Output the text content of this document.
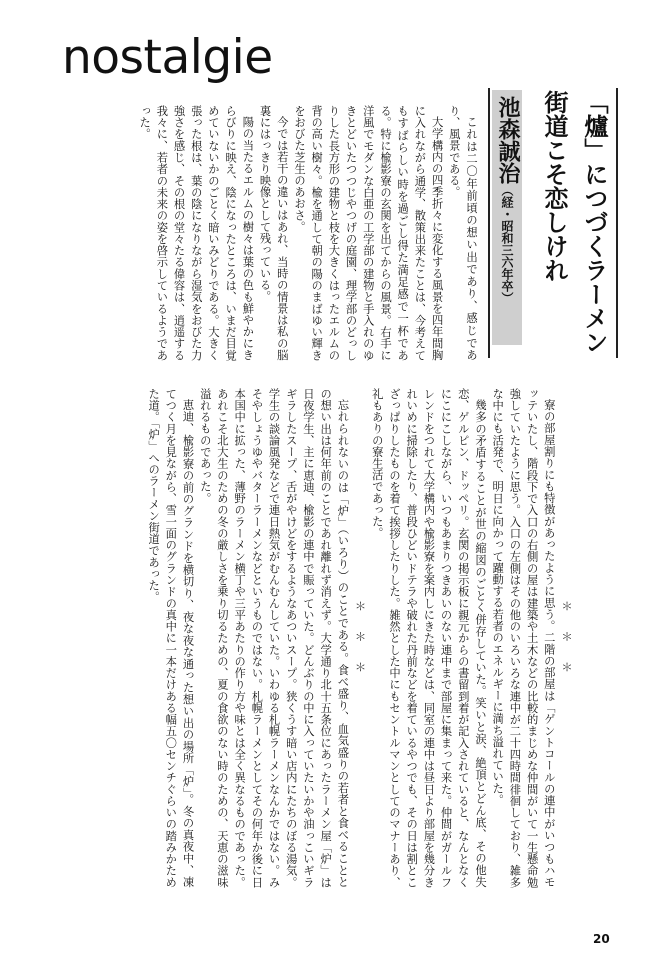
nostalgie
池森誠治（経・昭和三六年卒）	「爐」につづくラーメン街道こそ恋しけれ

これは二〇年前頃の想い出であり、感じであり、風景である。

大学構内の四季折々に変化する風景を四年間胸に入れながら通学、散策出来たことは、今考えてもすばらしい時を過ごし得た満足感で一杯である。特に楡影寮の玄関を出てからの風景。右手に洋風でモダンな白亜の工学部の建物と手入れのゆきとどいたつつじやつげの庭園、理学部のどっしりした長方形の建物と枝を大きくはったエルムの背の高い樹々。楡を通して朝の陽のまばゆい輝きをおびた芝生のあおさ。

今では若干の違いはあれ、当時の情景は私の脳裏にはっきり映像として残っている。

陽の当たるエルムの樹々は葉の色も鮮やかにきらびりに映え、陰になったところは、いまだ目覚めていないかのごとく暗いみどりである。大きく張った根は、葉の陰になりながら湿気をおびた力強さを感じ、その根の堂々たる偉容は、逍遥する我々に、若者の未来の姿を啓示しているようであった。

＊　＊　＊

寮の部屋割りにも特徴があったように思う。二階の部屋は「ゲントコールの連中がいつもハモッテいたし、階段下で入口の右側の屋は建築や土木などの比較的まじめな仲間がいて一生懸命勉強していたように思う。入口の左側はその他のいろいろな連中が二十四時間徘徊しており、雑多な中にも活発で、明日に向かって躍動する若者のエネルギーに満ち溢れていた。

幾多の矛盾することが世の縮図のごとく併存していた。笑いと涙、絶頂とどん底、その他失恋、ゲルピン、ドッペリ。玄関の掲示板に親元からの書留到着が記入されていると、なんとなくにこにこしながら、いつもあまりつきあいのない連中まで部屋に集まって来た。仲間がガールフレンドをつれて大学構内や楡影寮を案内しにきた時などは、同室の連中は昼日より部屋を幾分きれいめに掃除したり、普段ひどいドテラや破れた丹前などを着ているやつでも、その日は割とこざっぱりしたものを着て挨拶したりした。雑然とした中にもセントルマンとしてのマナーあり、礼もありの寮生活であった。

＊　＊　＊

忘れられないのは「炉」（いろり）のことである。食べ盛り、血気盛りの若者と食べることとの想い出は何年前のことであれ離れず消えず。大学通り北十五条位にあったラーメン屋「炉」は日夜学生、主に恵迪、楡影の連中で賑っていた。どんぶりの中に入っていたいかや油っこいギラギラしたスープ、舌がやけどをするようなあついスープ。狭くうす暗い店内にたちのぼる湯気。学生の談論風発などで連日熱気がむんむんしていた。いわゆる札幌ラーメンなんかではない。みそやしょうゆやバターラーメンなどというものではない。札幌ラーメンとしてその何年か後に日本国中に拡った、薄野のラーメン横丁や三平あたりの作り方や味とは全く異なるものであった。あれこそ北大生のための冬の厳しさを乗り切るための、夏の食欲のない時のための、天恵の滋味溢れるものであった。

恵迪、楡影寮の前のグランドを横切り、夜な夜な通った想い出の場所「炉」。冬の真夜中、凍てつく月を見ながら、雪一面のグランドの真中に一本だけある幅五〇センチぐらいの踏みかためた道。「炉」へのラーメン街道であった。

20
